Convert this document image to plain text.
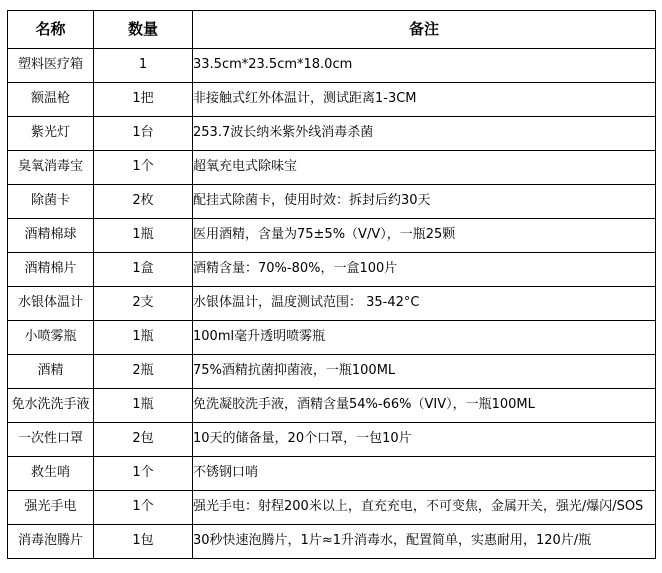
名称	数量	备注
塑料医疗箱	1	33.5cm*23.5cm*18.0cm
额温枪	1把	非接触式红外体温计，测试距离1-3CM
紫光灯	1台	253.7波长纳米紫外线消毒杀菌
臭氧消毒宝	1个	超氧充电式除味宝
除菌卡	2枚	配挂式除菌卡，使用时效：拆封后约30天
酒精棉球	1瓶	医用酒精，含量为75±5%（V/V），一瓶25颗
酒精棉片	1盒	酒精含量：70%-80%，一盒100片
水银体温计	2支	水银体温计，温度测试范围： 35-42°C
小喷雾瓶	1瓶	100ml毫升透明喷雾瓶
酒精	2瓶	75%酒精抗菌抑菌液，一瓶100ML
免水洗洗手液	1瓶	免洗凝胶洗手液，酒精含量54%-66%（VIV），一瓶100ML
一次性口罩	2包	10天的储备量，20个口罩，一包10片
救生哨	1个	不锈钢口哨
强光手电	1个	强光手电：射程200米以上，直充充电，不可变焦，金属开关，强光/爆闪/SOS
消毒泡腾片	1包	30秒快速泡腾片，1片≈1升消毒水，配置简单，实惠耐用，120片/瓶
